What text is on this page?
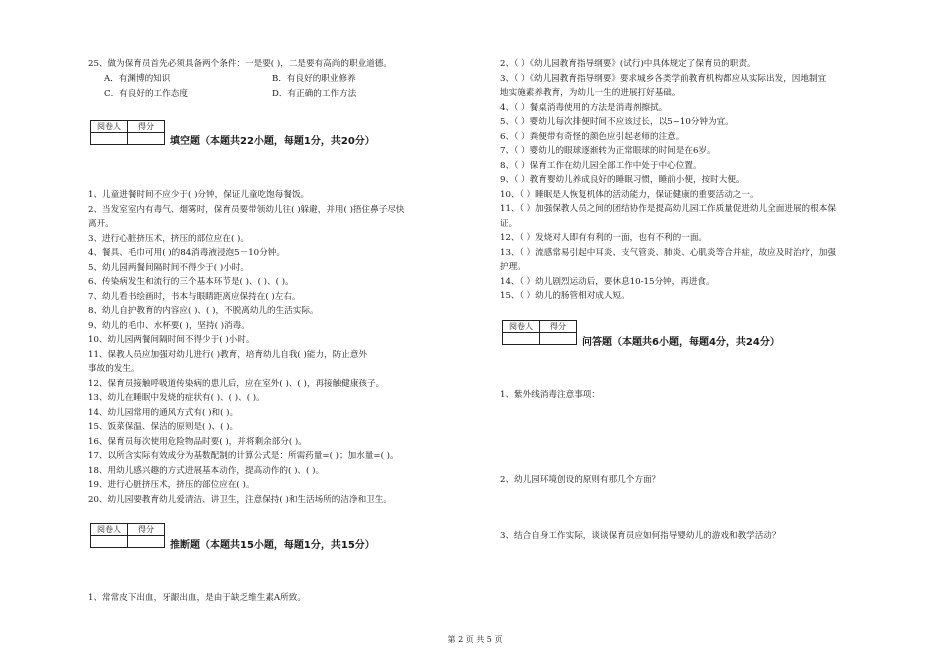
25、做为保育员首先必须具备两个条件：一是要( )，二是要有高尚的职业道德。
A．有渊博的知识	B．有良好的职业修养
C．有良好的工作态度	D．有正确的工作方法
阅卷人	得分

填空题（本题共22小题，每题1分，共20分）
1、儿童进餐时间不应少于( )分钟，保证儿童吃饱每餐饭。
2、当发室室内有毒气、烟雾时，保育员要带领幼儿往( )躲避，并用( )捂住鼻子尽快
离开。
3、进行心脏挤压术，挤压的部位应在( )。
4、餐具、毛巾可用( )的84消毒液浸泡5－10分钟。
5、幼儿园两餐间隔时间不得少于( )小时。
6、传染病发生和流行的三个基本环节是( )、( )、( )。
7、幼儿看书绘画时，书本与眼睛距离应保持在( )左右。
8、幼儿自护教育的内容应( )、( )，不脱离幼儿的生活实际。
9、幼儿的毛巾、水杯要( )，坚持( )消毒。
10、幼儿园两餐间隔时间不得少于( )小时。
11、保教人员应加强对幼儿进行( )教育，培育幼儿自我( )能力，防止意外
事故的发生。
12、保育员接触呼吸道传染病的患儿后，应在室外( )、( )，再接触健康孩子。
13、幼儿在睡眠中发烧的症状有( )、( )、( )。
14、幼儿园常用的通风方式有( )和( )。
15、饭菜保温、保洁的原则是( )、( )。
16、保育员每次使用危险物品时要( )，并将剩余部分( )。
17、以所含实际有效成分为基数配制的计算公式是：所需药量=( )；加水量=( )。
18、用幼儿感兴趣的方式进展基本动作，提高动作的( )、( )。
19、进行心脏挤压术，挤压的部位应在( )。
20、幼儿园要教育幼儿爱清洁、讲卫生，注意保持( )和生活场所的洁净和卫生。
阅卷人	得分

推断题（本题共15小题，每题1分，共15分）
1、常常皮下出血，牙龈出血，是由于缺乏维生素A所致。
2、（ ）《幼儿园教育指导纲要》(试行)中具体规定了保育员的职责。
3、（ ）《幼儿园教育指导纲要》要求城乡各类学前教育机构都应从实际出发，因地制宜
地实施素养教育，为幼儿一生的进展打好基础。
4、（ ）餐桌消毒使用的方法是消毒剂擦拭。
5、（ ）婴幼儿每次排便时间不应该过长，以5~10分钟为宜。
6、（ ）粪便带有奇怪的颜色应引起老师的注意。
7、（ ）婴幼儿的眼球逐渐转为正常眼球的时间是在6岁。
8、（ ）保育工作在幼儿园全部工作中处于中心位置。
9、（ ）教育婴幼儿养成良好的睡眠习惯，睡前小便，按时大便。
10、（ ）睡眠是人恢复机体的活动能力，保证健康的重要活动之一。
11、（ ）加强保教人员之间的团结协作是提高幼儿园工作质量促进幼儿全面进展的根本保
证。
12、（ ）发烧对人即有有利的一面，也有不利的一面。
13、（ ）流感常易引起中耳炎、支气管炎、肺炎、心肌炎等合并症，故应及时治疗，加强
护理。
14、（ ）幼儿剧烈运动后，要休息10-15分钟，再进食。
15、（ ）幼儿的肠管相对成人短。
阅卷人	得分

问答题（本题共6小题，每题4分，共24分）
1、紫外线消毒注意事项：
2、幼儿园环境创设的原则有那几个方面？
3、结合自身工作实际，谈谈保育员应如何指导婴幼儿的游戏和教学活动？
第 2 页 共 5 页
